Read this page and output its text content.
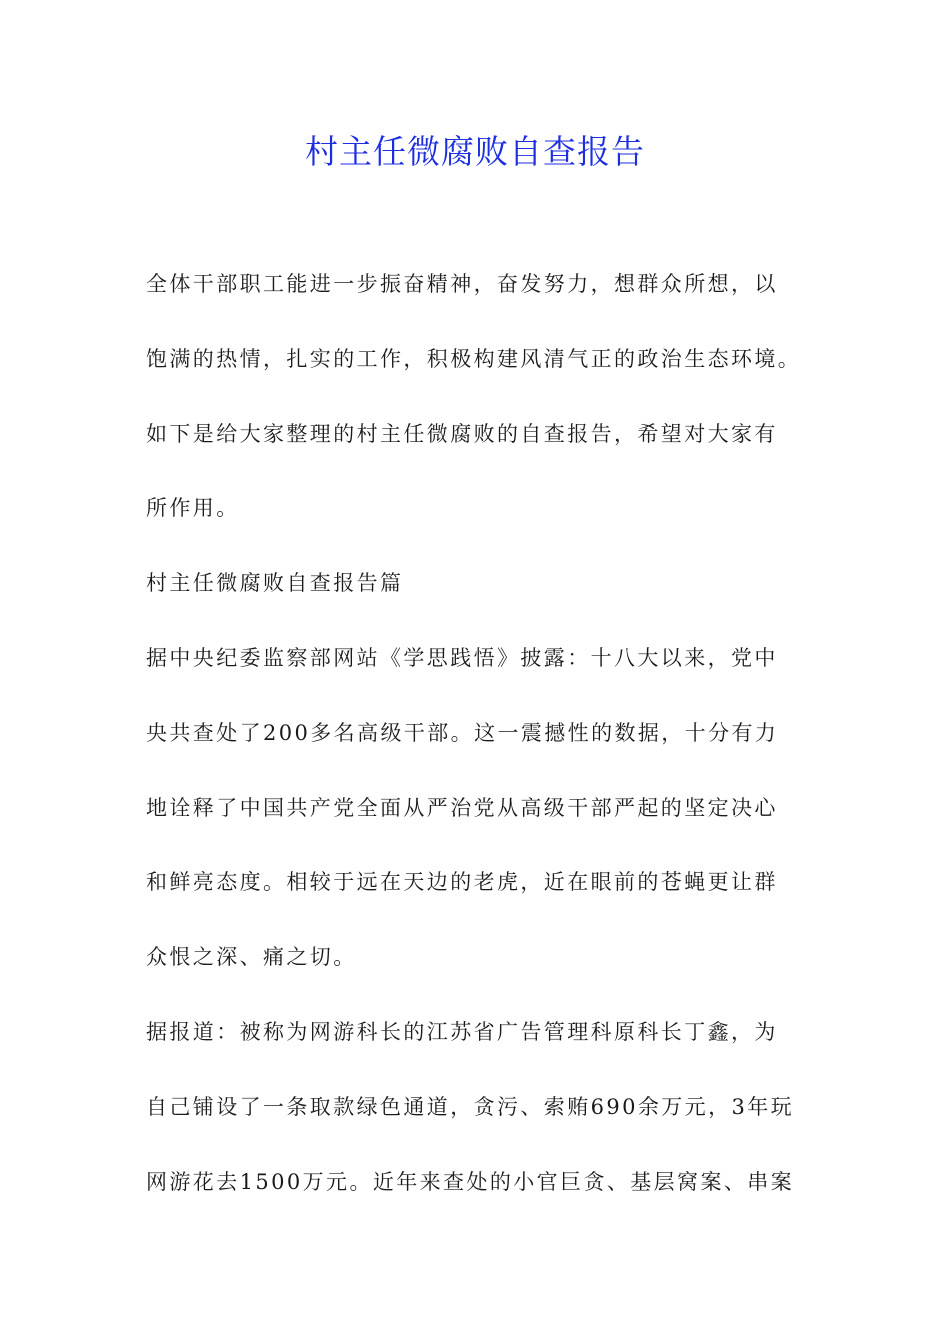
村主任微腐败自查报告

全体干部职工能进一步振奋精神，奋发努力，想群众所想，以

饱满的热情，扎实的工作，积极构建风清气正的政治生态环境。

如下是给大家整理的村主任微腐败的自查报告，希望对大家有

所作用。

村主任微腐败自查报告篇

据中央纪委监察部网站《学思践悟》披露：十八大以来，党中

央共查处了200多名高级干部。这一震撼性的数据，十分有力

地诠释了中国共产党全面从严治党从高级干部严起的坚定决心

和鲜亮态度。相较于远在天边的老虎，近在眼前的苍蝇更让群

众恨之深、痛之切。

据报道：被称为网游科长的江苏省广告管理科原科长丁鑫，为

自己铺设了一条取款绿色通道，贪污、索贿690余万元，3年玩

网游花去1500万元。近年来查处的小官巨贪、基层窝案、串案
